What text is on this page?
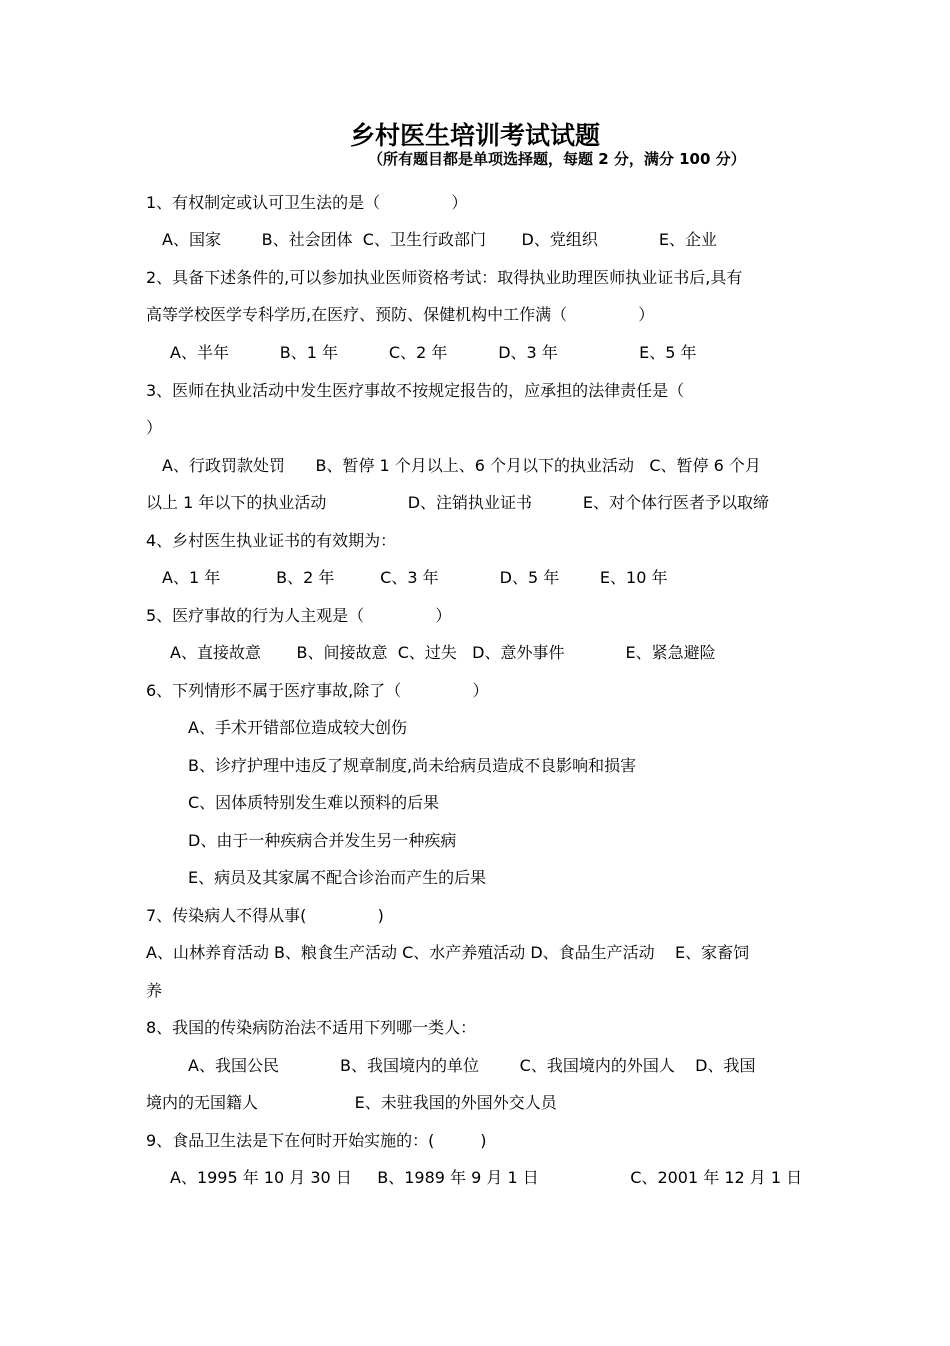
乡村医生培训考试试题
（所有题目都是单项选择题，每题 2 分，满分 100 分）
1、有权制定或认可卫生法的是（              ）
A、国家        B、社会团体  C、卫生行政部门       D、党组织            E、企业
2、具备下述条件的,可以参加执业医师资格考试：取得执业助理医师执业证书后,具有
高等学校医学专科学历,在医疗、预防、保健机构中工作满（              ）
A、半年          B、1 年          C、2 年          D、3 年                E、5 年
3、医师在执业活动中发生医疗事故不按规定报告的，应承担的法律责任是（
）
A、行政罚款处罚      B、暂停 1 个月以上、6 个月以下的执业活动   C、暂停 6 个月
以上 1 年以下的执业活动                D、注销执业证书          E、对个体行医者予以取缔
4、乡村医生执业证书的有效期为：
A、1 年           B、2 年         C、3 年            D、5 年        E、10 年
5、医疗事故的行为人主观是（              ）
A、直接故意       B、间接故意  C、过失   D、意外事件            E、紧急避险
6、下列情形不属于医疗事故,除了（              ）
A、手术开错部位造成较大创伤
B、诊疗护理中违反了规章制度,尚未给病员造成不良影响和损害
C、因体质特别发生难以预料的后果
D、由于一种疾病合并发生另一种疾病
E、病员及其家属不配合诊治而产生的后果
7、传染病人不得从事(              )
A、山林养育活动 B、粮食生产活动 C、水产养殖活动 D、食品生产活动    E、家畜饲
养
8、我国的传染病防治法不适用下列哪一类人：
A、我国公民            B、我国境内的单位        C、我国境内的外国人    D、我国
境内的无国籍人                   E、未驻我国的外国外交人员
9、食品卫生法是下在何时开始实施的：(         )
A、1995 年 10 月 30 日     B、1989 年 9 月 1 日                  C、2001 年 12 月 1 日
